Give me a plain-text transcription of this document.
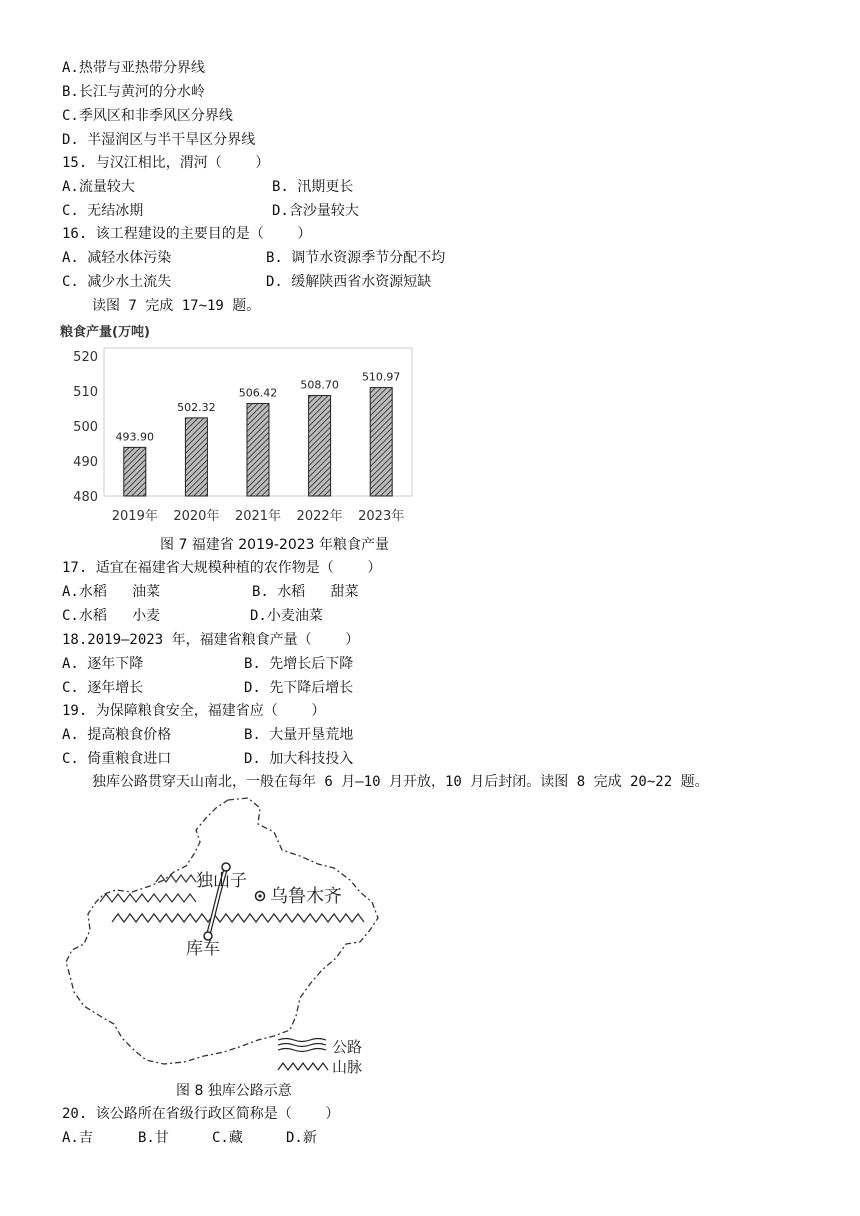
A.热带与亚热带分界线
B.长江与黄河的分水岭
C.季风区和非季风区分界线
D. 半湿润区与半干旱区分界线
15. 与汉江相比，渭河（    ）
A.流量较大	B. 汛期更长
C. 无结冰期	D.含沙量较大
16. 该工程建设的主要目的是（    ）
A. 减轻水体污染	B. 调节水资源季节分配不均
C. 减少水土流失	D. 缓解陕西省水资源短缺
读图 7 完成 17~19 题。
粮食产量(万吨)
480
490
500
510
520
493.90
502.32
506.42
508.70
510.97
2019年 2020年 2021年 2022年 2023年
图 7 福建省 2019-2023 年粮食产量
17. 适宜在福建省大规模种植的农作物是（    ）
A.水稻   油菜	B. 水稻   甜菜
C.水稻   小麦	D.小麦油菜
18.2019—2023 年，福建省粮食产量（    ）
A. 逐年下降	B. 先增长后下降
C. 逐年增长	D. 先下降后增长
19. 为保障粮食安全，福建省应（    ）
A. 提高粮食价格	B. 大量开垦荒地
C. 倚重粮食进口	D. 加大科技投入
独库公路贯穿天山南北，一般在每年 6 月—10 月开放，10 月后封闭。读图 8 完成 20~22 题。
独山子
乌鲁木齐
库车
公路
山脉
图 8 独库公路示意
20. 该公路所在省级行政区简称是（    ）
A.吉	B.甘	C.藏	D.新
